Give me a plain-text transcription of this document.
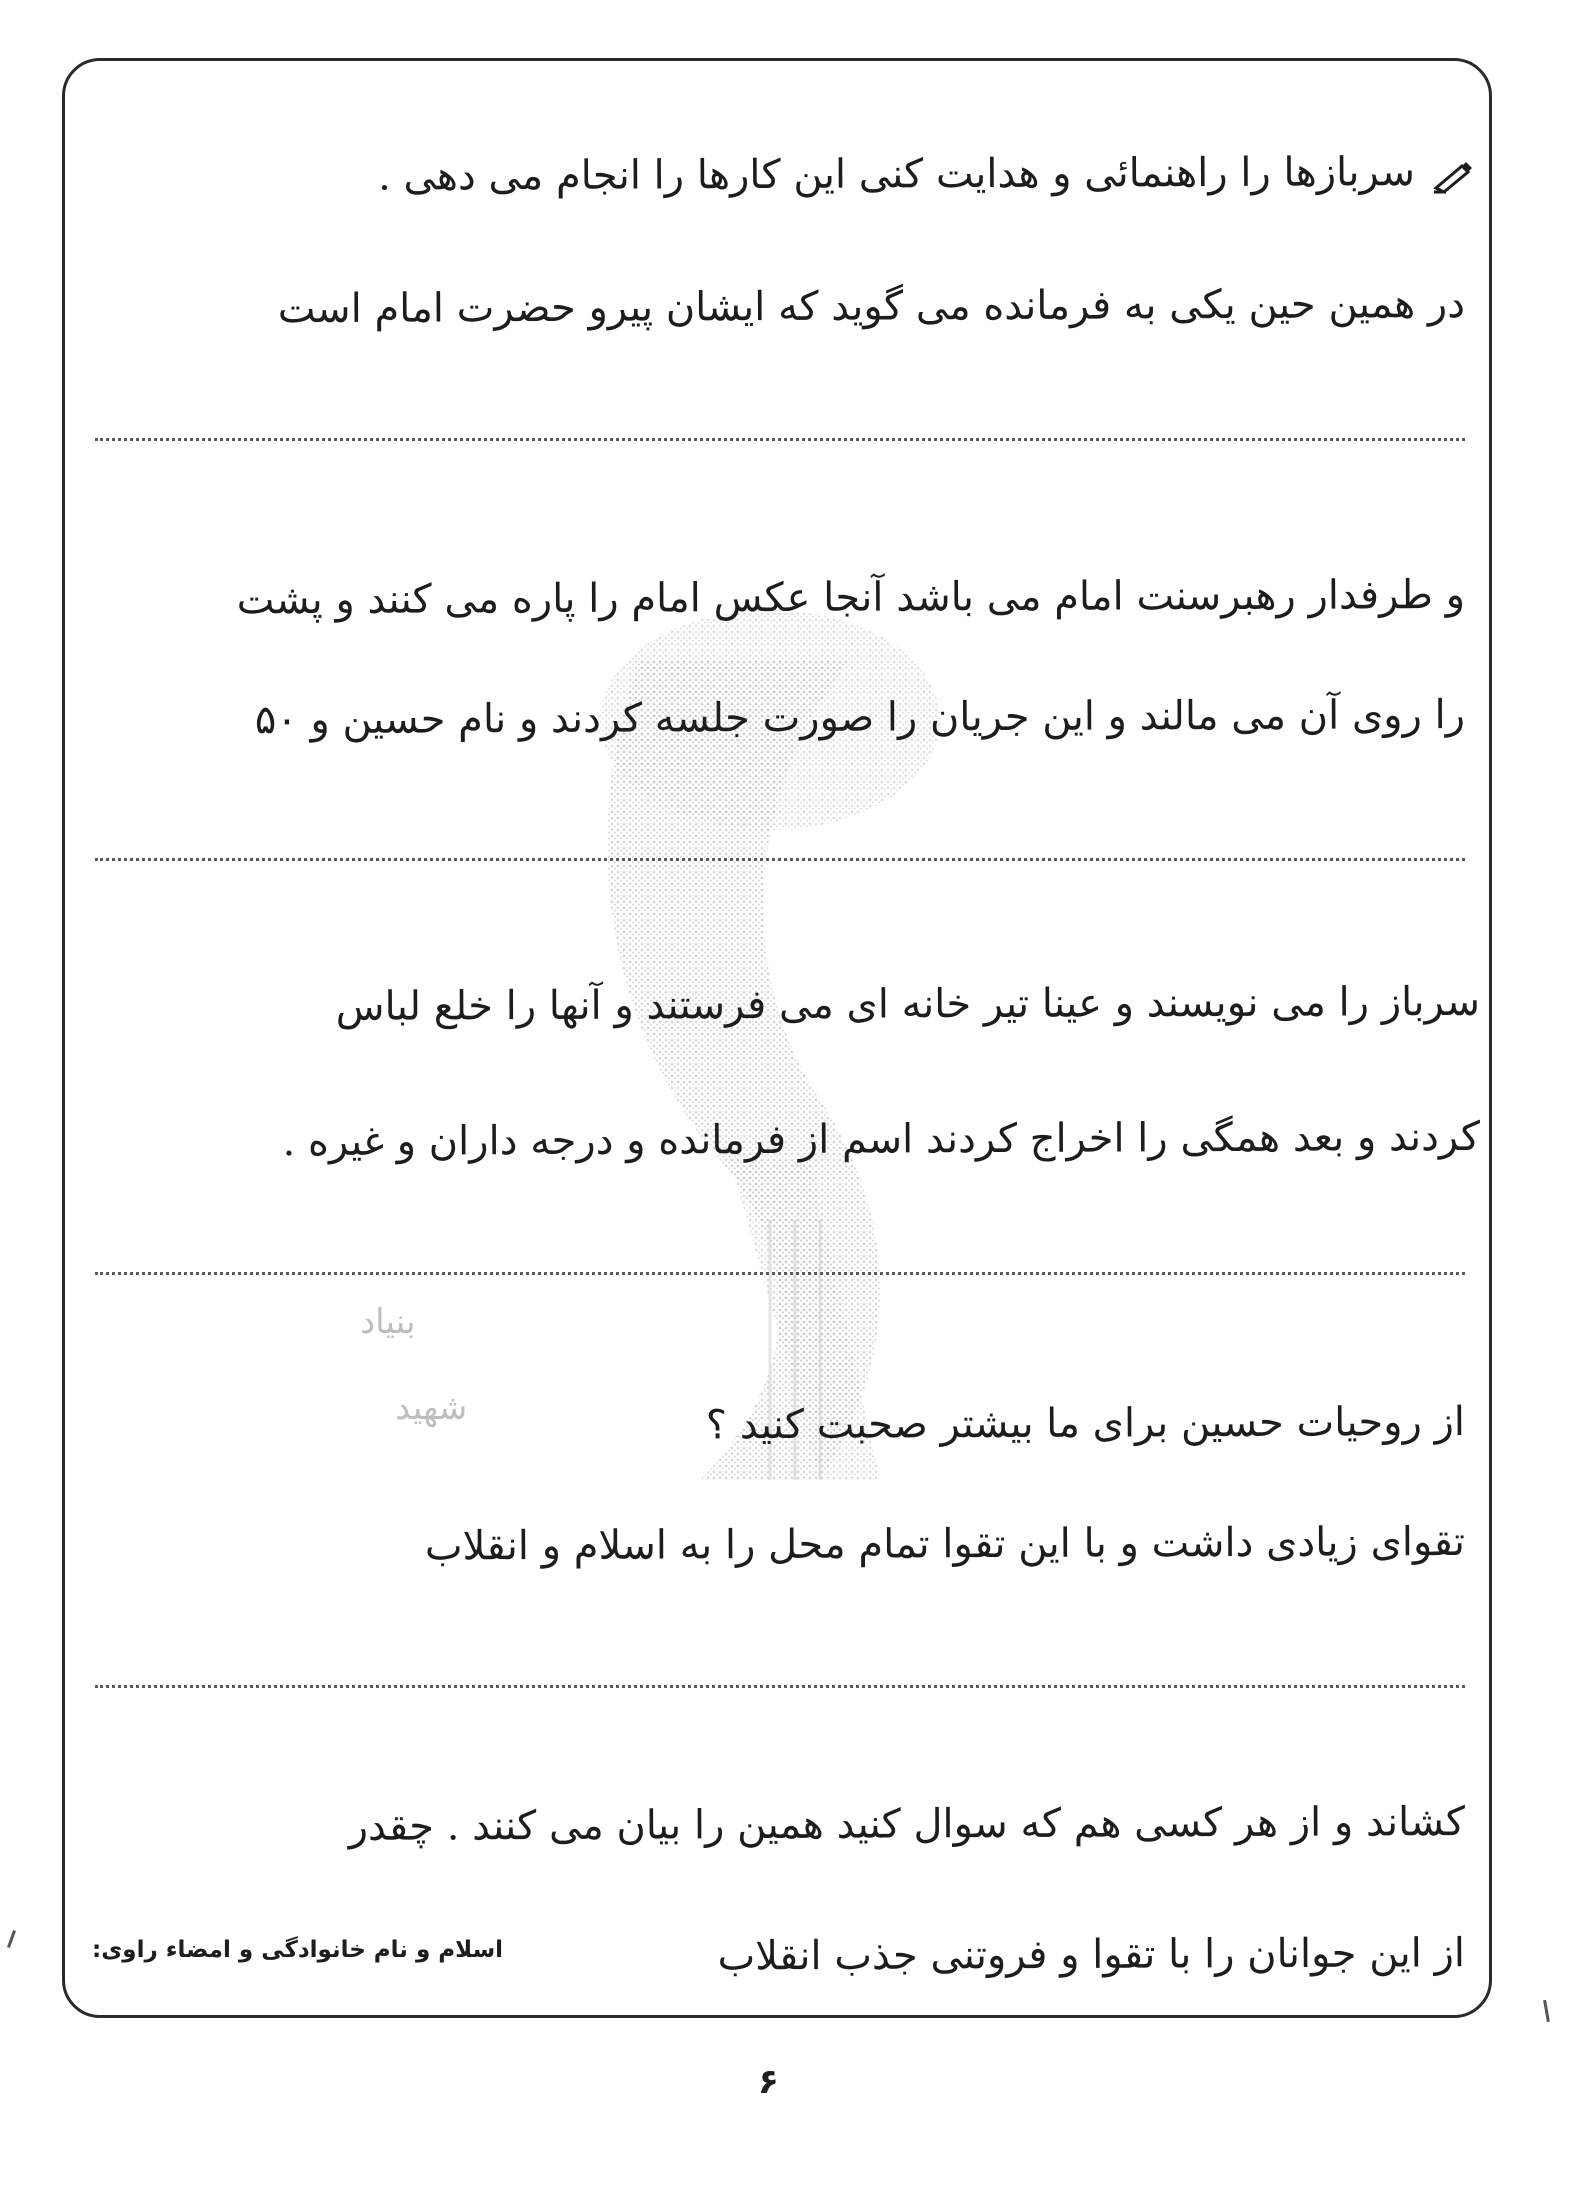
بنیاد
شهید
سربازها را راهنمائی و هدایت کنی این کارها را انجام می دهی .
در همین حین یکی به فرمانده می گوید که ایشان پیرو حضرت امام است
و طرفدار رهبرسنت امام می باشد آنجا عکس امام را پاره می کنند و پشت
را روی آن می مالند و این جریان را صورت جلسه کردند و نام حسین و ۵۰
سرباز را می نویسند و عینا تیر خانه ای می فرستند و آنها را خلع لباس
کردند و بعد همگی را اخراج کردند اسم از فرمانده و درجه داران و غیره .
از روحیات حسین برای ما بیشتر صحبت کنید ؟
تقوای زیادی داشت و با این تقوا تمام محل را به اسلام و انقلاب
کشاند و از هر کسی هم که سوال کنید همین را بیان می کنند . چقدر
از این جوانان را با تقوا و فروتنی جذب انقلاب
اسلام و نام خانوادگی و امضاء راوی:
۶
